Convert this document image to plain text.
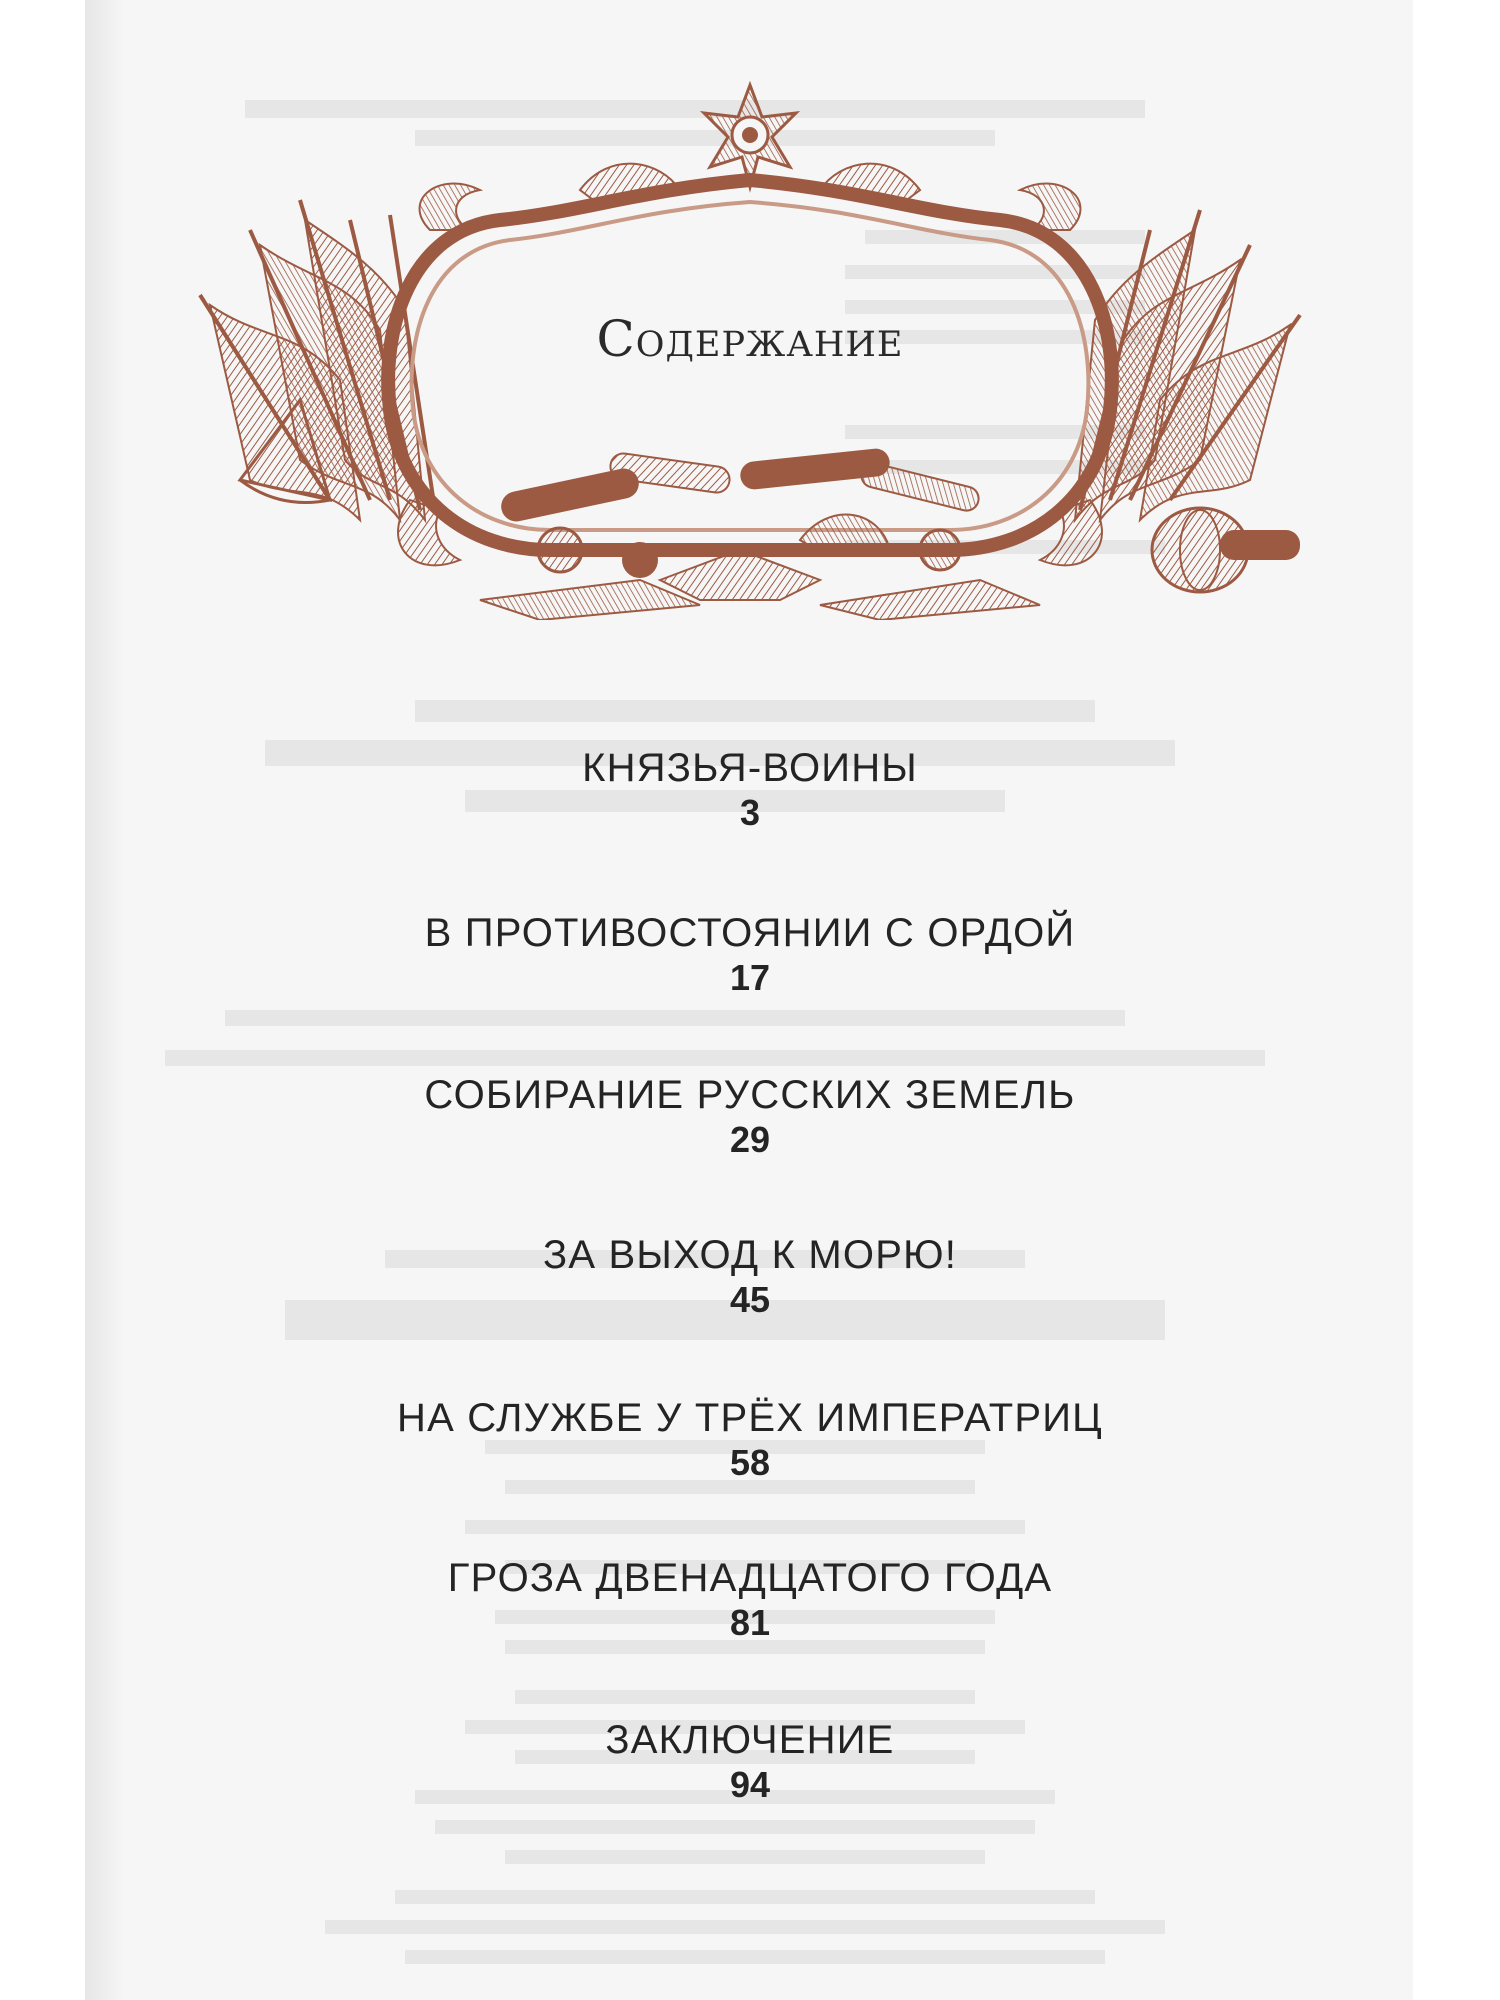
Содержание
КНЯЗЬЯ-ВОИНЫ
3
В ПРОТИВОСТОЯНИИ С ОРДОЙ
17
СОБИРАНИЕ РУССКИХ ЗЕМЕЛЬ
29
ЗА ВЫХОД К МОРЮ!
45
НА СЛУЖБЕ У ТРЁХ ИМПЕРАТРИЦ
58
ГРОЗА ДВЕНАДЦАТОГО ГОДА
81
ЗАКЛЮЧЕНИЕ
94
